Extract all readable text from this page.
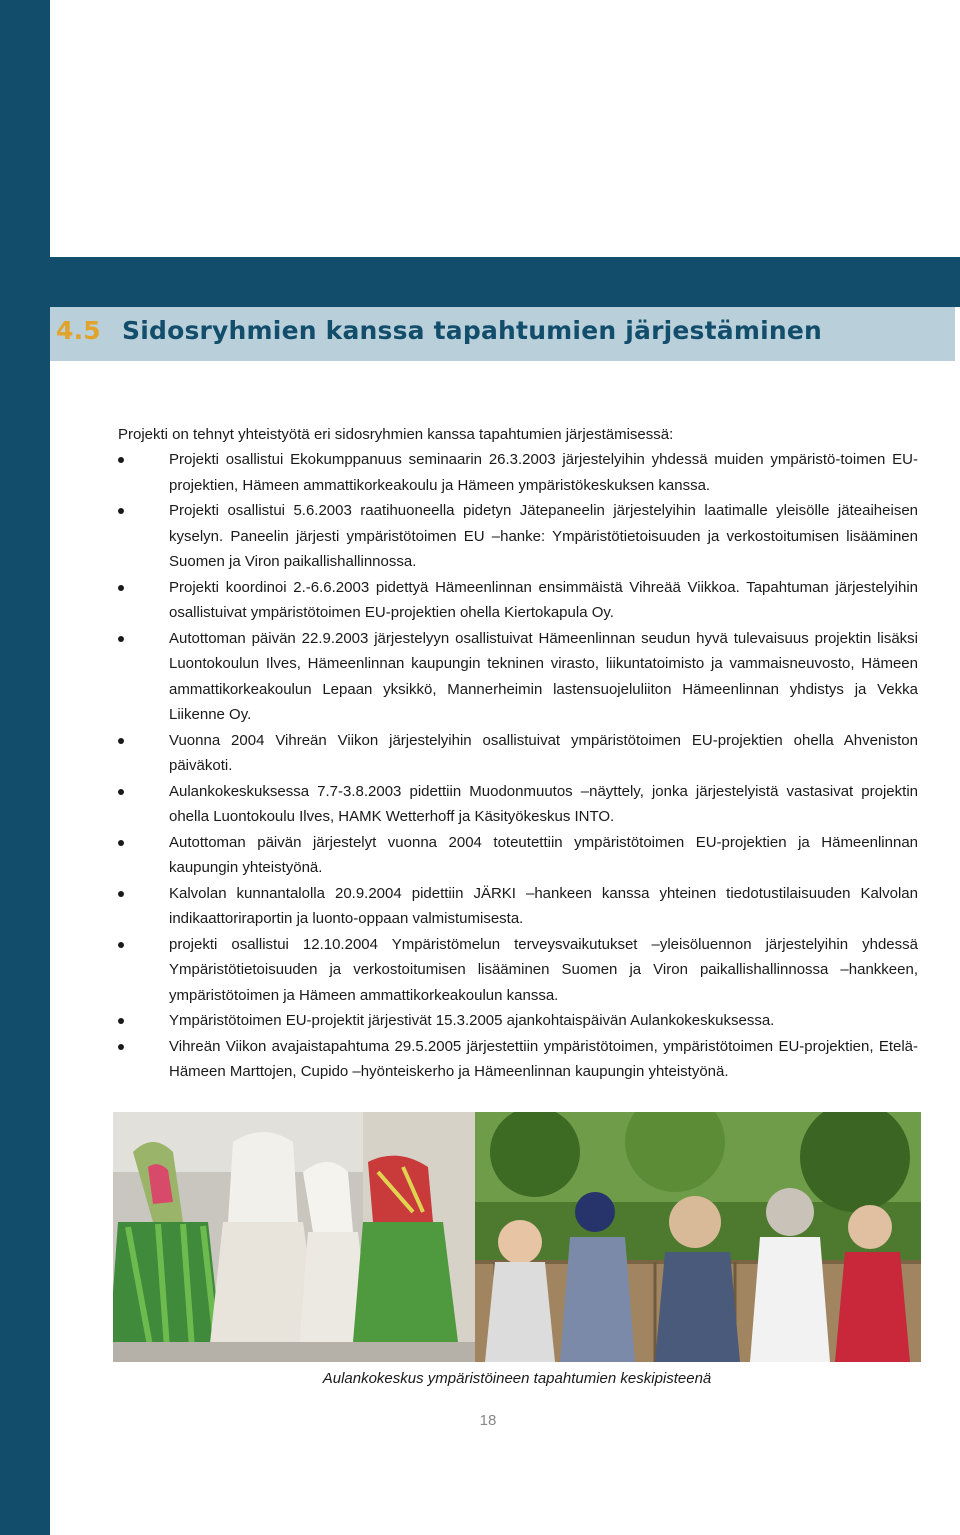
4.5 Sidosryhmien kanssa tapahtumien järjestäminen

Projekti on tehnyt yhteistyötä eri sidosryhmien kanssa tapahtumien järjestämisessä:

Projekti osallistui Ekokumppanuus seminaarin 26.3.2003 järjestelyihin yhdessä muiden ympäristö-toimen EU-projektien, Hämeen ammattikorkeakoulu ja Hämeen ympäristökeskuksen kanssa.
Projekti osallistui 5.6.2003 raatihuoneella pidetyn Jätepaneelin järjestelyihin laatimalle yleisölle jäteaiheisen kyselyn. Paneelin järjesti ympäristötoimen EU –hanke: Ympäristötietoisuuden ja verkostoitumisen lisääminen Suomen ja Viron paikallishallinnossa.
Projekti koordinoi 2.-6.6.2003 pidettyä Hämeenlinnan ensimmäistä Vihreää Viikkoa. Tapahtuman järjestelyihin osallistuivat ympäristötoimen EU-projektien ohella Kiertokapula Oy.
Autottoman päivän 22.9.2003 järjestelyyn osallistuivat Hämeenlinnan seudun hyvä tulevaisuus projektin lisäksi Luontokoulun Ilves, Hämeenlinnan kaupungin tekninen virasto, liikuntatoimisto ja vammaisneuvosto, Hämeen ammattikorkeakoulun Lepaan yksikkö, Mannerheimin lastensuojeluliiton Hämeenlinnan yhdistys ja Vekka Liikenne Oy.
Vuonna 2004 Vihreän Viikon järjestelyihin osallistuivat ympäristötoimen EU-projektien ohella Ahveniston päiväkoti.
Aulankokeskuksessa 7.7-3.8.2003 pidettiin Muodonmuutos –näyttely, jonka järjestelyistä vastasivat projektin ohella Luontokoulu Ilves, HAMK Wetterhoff ja Käsityökeskus INTO.
Autottoman päivän järjestelyt vuonna 2004 toteutettiin ympäristötoimen EU-projektien ja Hämeenlinnan kaupungin yhteistyönä.
Kalvolan kunnantalolla 20.9.2004 pidettiin JÄRKI –hankeen kanssa yhteinen tiedotustilaisuuden Kalvolan indikaattoriraportin ja luonto-oppaan valmistumisesta.
projekti osallistui 12.10.2004 Ympäristömelun terveysvaikutukset –yleisöluennon järjestelyihin yhdessä Ympäristötietoisuuden ja verkostoitumisen lisääminen Suomen ja Viron paikallishallinnossa –hankkeen, ympäristötoimen ja Hämeen ammattikorkeakoulun kanssa.
Ympäristötoimen EU-projektit järjestivät 15.3.2005 ajankohtaispäivän Aulankokeskuksessa.
Vihreän Viikon avajaistapahtuma 29.5.2005 järjestettiin ympäristötoimen, ympäristötoimen EU-projektien, Etelä-Hämeen Marttojen, Cupido –hyönteiskerho ja Hämeenlinnan kaupungin yhteistyönä.
Aulankokeskus ympäristöineen tapahtumien keskipisteenä
18
